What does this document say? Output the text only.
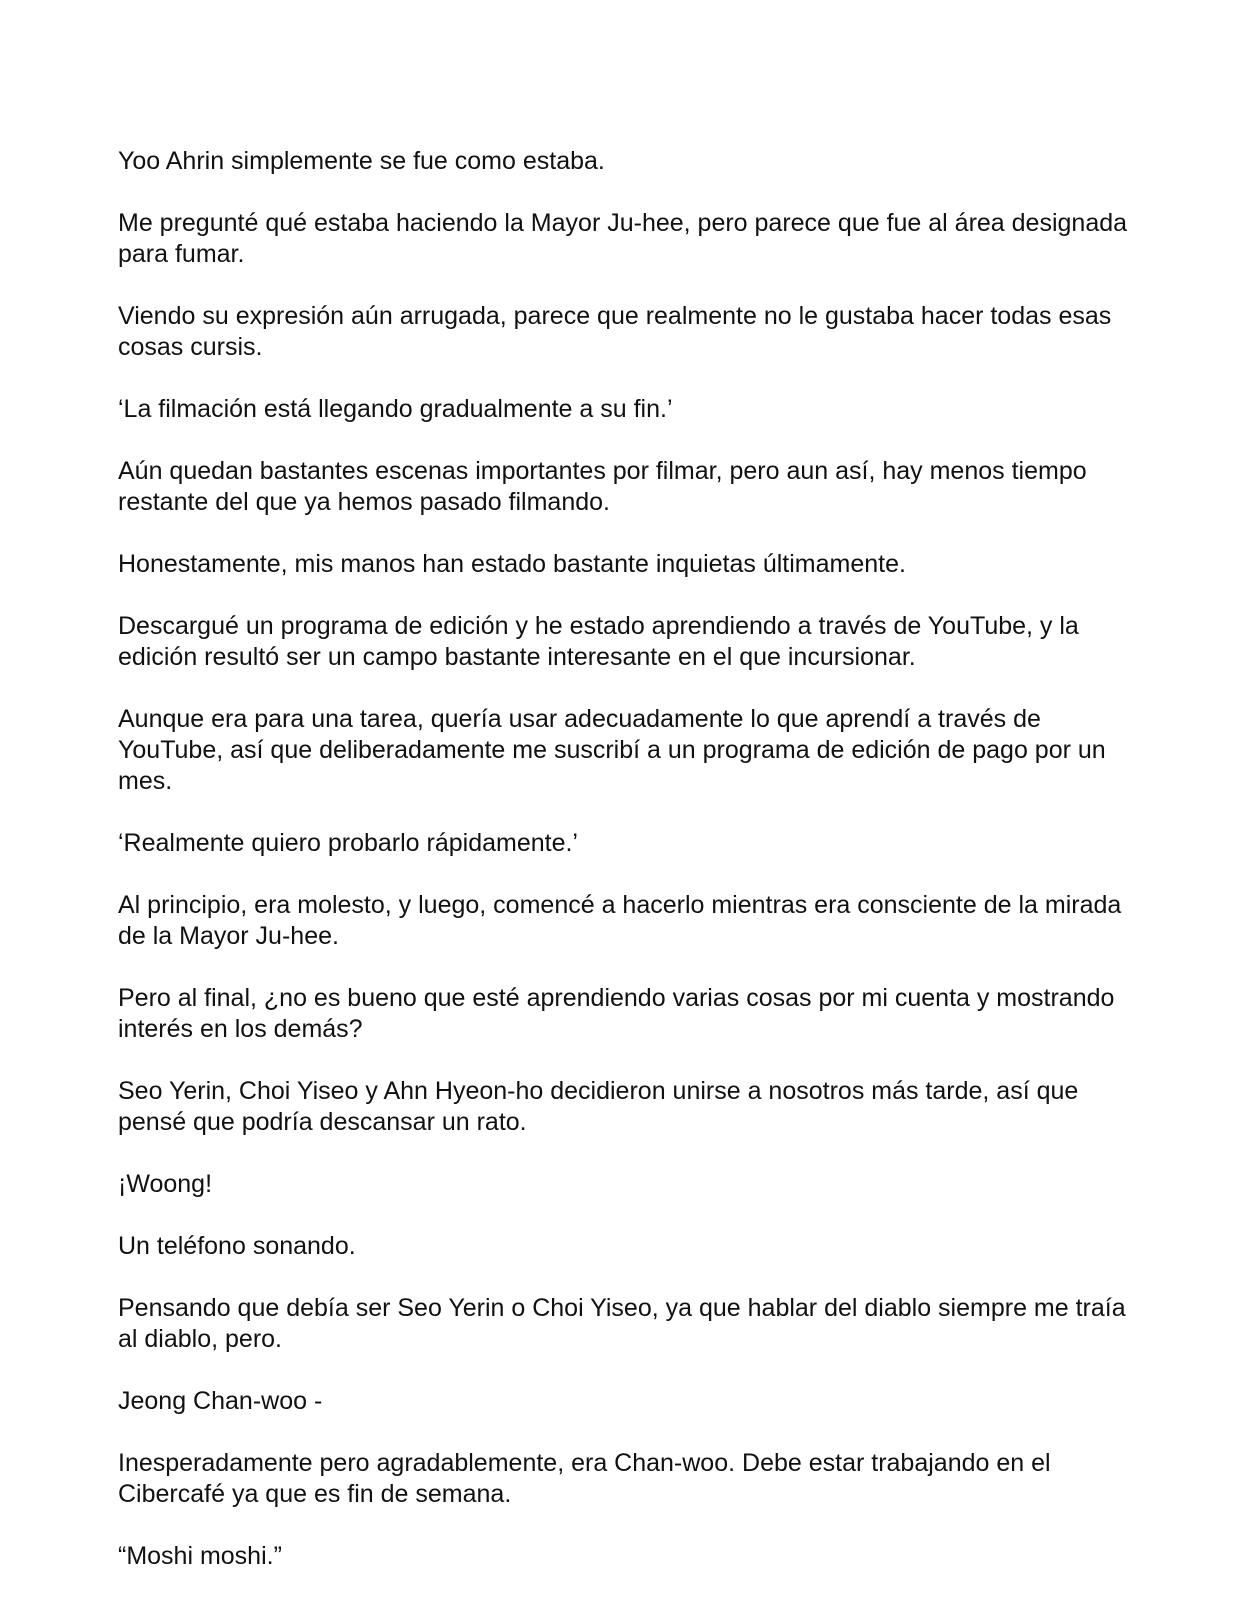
Yoo Ahrin simplemente se fue como estaba.

Me pregunté qué estaba haciendo la Mayor Ju-hee, pero parece que fue al área designada para fumar.

Viendo su expresión aún arrugada, parece que realmente no le gustaba hacer todas esas cosas cursis.

‘La filmación está llegando gradualmente a su fin.’

Aún quedan bastantes escenas importantes por filmar, pero aun así, hay menos tiempo restante del que ya hemos pasado filmando.

Honestamente, mis manos han estado bastante inquietas últimamente.

Descargué un programa de edición y he estado aprendiendo a través de YouTube, y la edición resultó ser un campo bastante interesante en el que incursionar.

Aunque era para una tarea, quería usar adecuadamente lo que aprendí a través de YouTube, así que deliberadamente me suscribí a un programa de edición de pago por un mes.

‘Realmente quiero probarlo rápidamente.’

Al principio, era molesto, y luego, comencé a hacerlo mientras era consciente de la mirada de la Mayor Ju-hee.

Pero al final, ¿no es bueno que esté aprendiendo varias cosas por mi cuenta y mostrando interés en los demás?

Seo Yerin, Choi Yiseo y Ahn Hyeon-ho decidieron unirse a nosotros más tarde, así que pensé que podría descansar un rato.

¡Woong!

Un teléfono sonando.

Pensando que debía ser Seo Yerin o Choi Yiseo, ya que hablar del diablo siempre me traía al diablo, pero.

Jeong Chan-woo -

Inesperadamente pero agradablemente, era Chan-woo. Debe estar trabajando en el Cibercafé ya que es fin de semana.

“Moshi moshi.”
